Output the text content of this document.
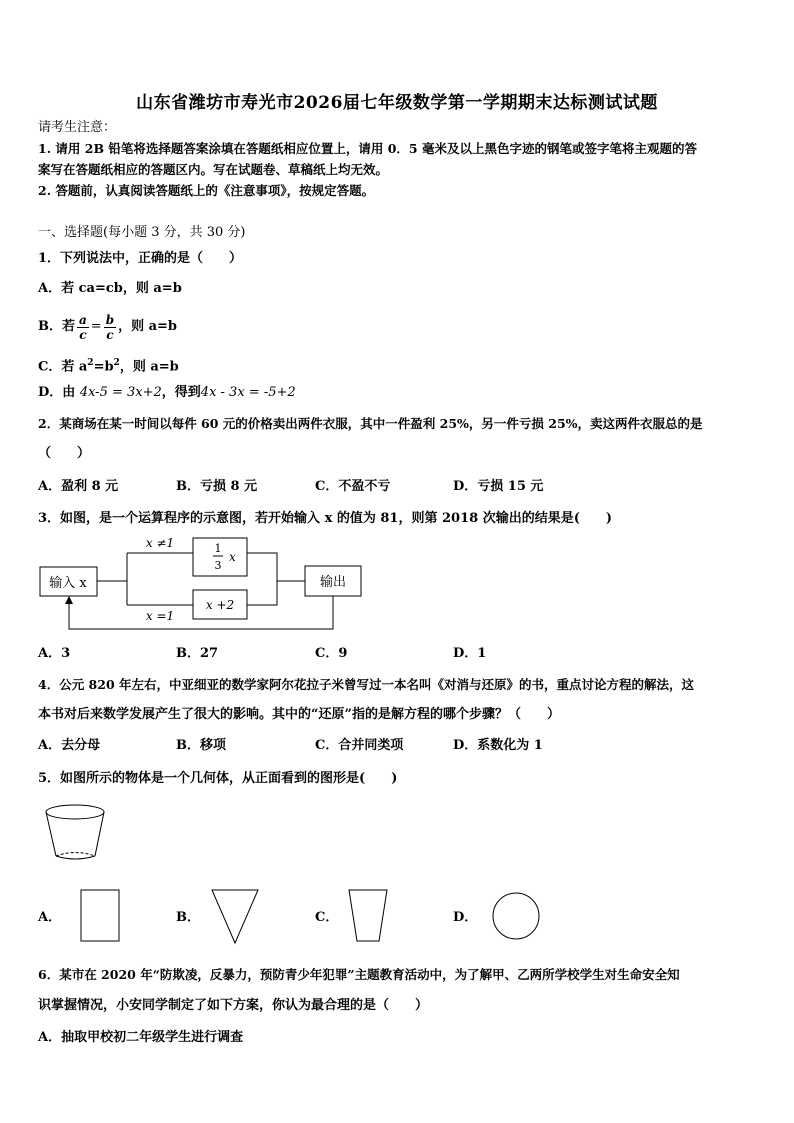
山东省潍坊市寿光市2026届七年级数学第一学期期末达标测试试题
请考生注意：
1. 请用 2B 铅笔将选择题答案涂填在答题纸相应位置上，请用 0．5 毫米及以上黑色字迹的钢笔或签字笔将主观题的答
案写在答题纸相应的答题区内。写在试题卷、草稿纸上均无效。
2. 答题前，认真阅读答题纸上的《注意事项》，按规定答题。
一、选择题(每小题 3 分，共 30 分)
1．下列说法中，正确的是（　　）
A．若 ca=cb，则 a=b
B．若 $\frac{a}{c} = \frac{b}{c}$ ，则 a=b
C．若 $a^2=b^2$，则 a=b
D．由 4x-5 = 3x+2，得到4x - 3x = -5+2
2．某商场在某一时间以每件 60 元的价格卖出两件衣服，其中一件盈利 25%，另一件亏损 25%，卖这两件衣服总的是
（　　）
A．盈利 8 元	B．亏损 8 元	C．不盈不亏	D．亏损 15 元
3．如图，是一个运算程序的示意图，若开始输入 x 的值为 81，则第 2018 次输出的结果是(　　)
输入 x	输出
x ≠1
x =1
1
3
x
x +2
A．3	B．27	C．9	D．1
4．公元 820 年左右，中亚细亚的数学家阿尔花拉子米曾写过一本名叫《对消与还原》的书，重点讨论方程的解法，这
本书对后来数学发展产生了很大的影响。其中的“还原”指的是解方程的哪个步骤？（　　）
A．去分母	B．移项	C．合并同类项	D．系数化为 1
5．如图所示的物体是一个几何体，从正面看到的图形是(　　)
A．	B．	C．	D．
6．某市在 2020 年“防欺凌，反暴力，预防青少年犯罪”主题教育活动中，为了解甲、乙两所学校学生对生命安全知
识掌握情况，小安同学制定了如下方案，你认为最合理的是（　　）
A．抽取甲校初二年级学生进行调查
